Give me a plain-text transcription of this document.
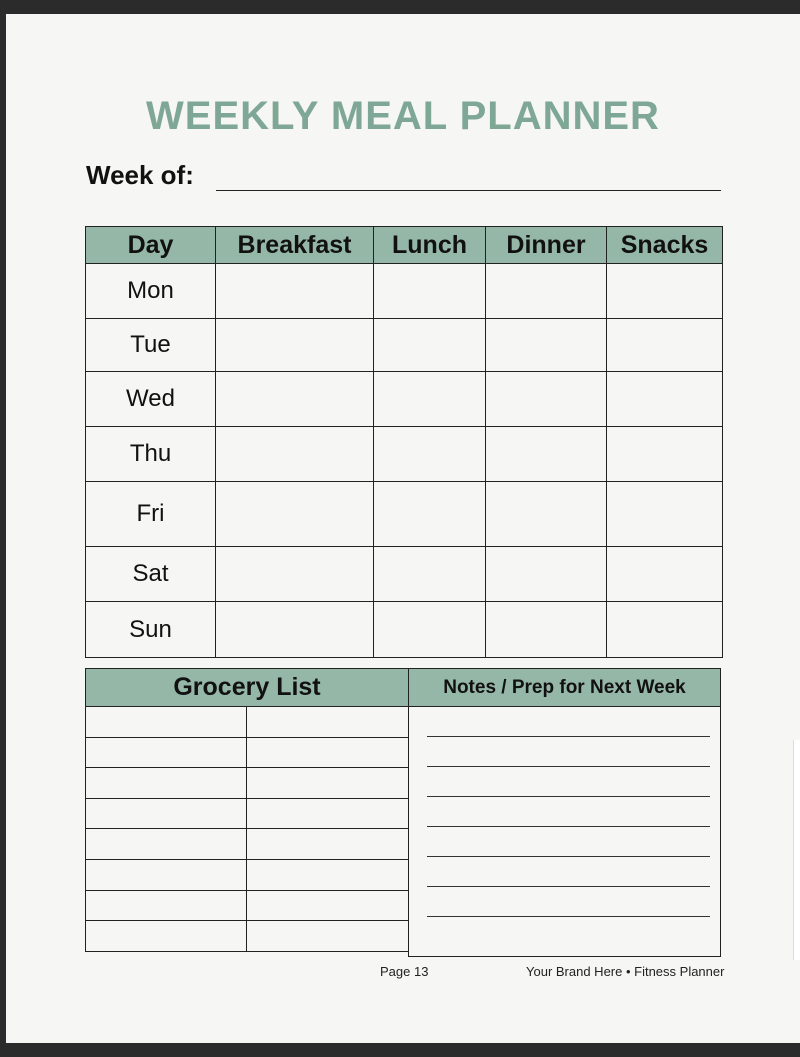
WEEKLY MEAL PLANNER
Week of:
Day	Breakfast	Lunch	Dinner	Snacks
Mon				
Tue				
Wed				
Thu				
Fri				
Sat				
Sun				
Grocery List	

		Notes / Prep for Next Week
Page 13	Your Brand Here • Fitness Planner
